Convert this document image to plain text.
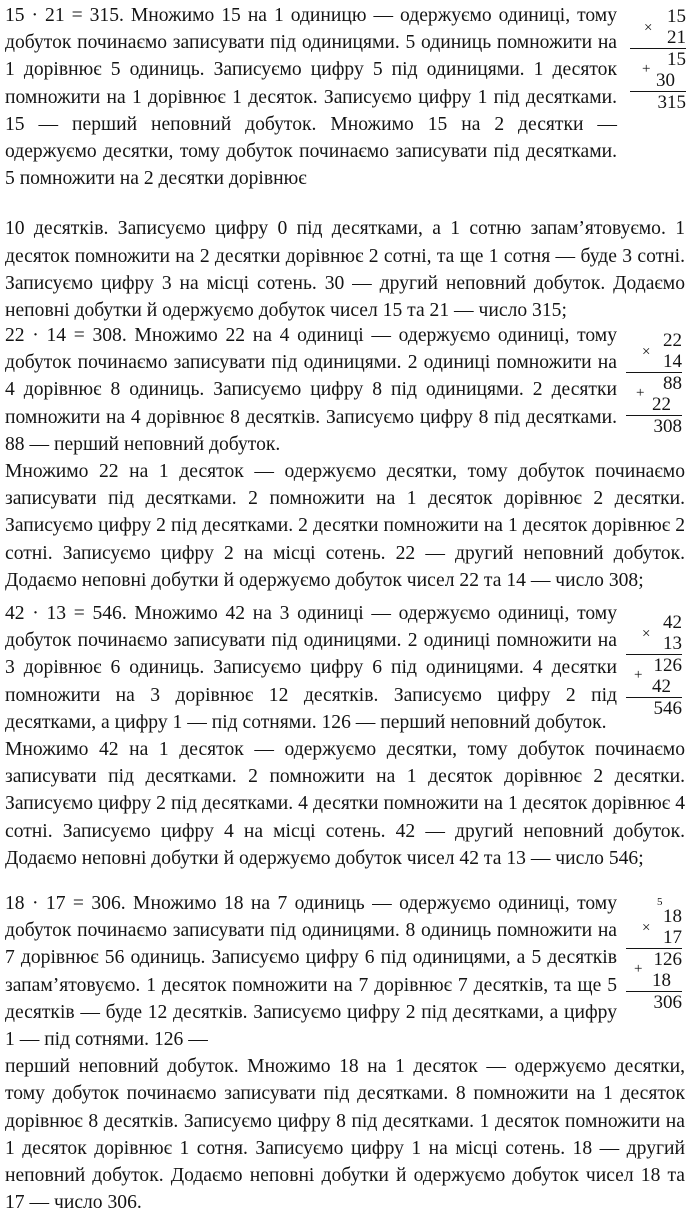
15 · 21 = 315. Множимо 15 на 1 одиницю — одержуємо одиниці, тому добуток починаємо записувати під одиницями. 5 одиниць помножити на 1 дорівнює 5 одиниць. Записуємо цифру 5 під одиницями. 1 десяток помножити на 1 дорівнює 1 десяток. Записуємо цифру 1 під десятками. 15 — перший неповний добуток. Множимо 15 на 2 десятки — одержуємо десятки, тому добуток починаємо записувати під десятками. 5 помножити на 2 десятки дорівнює

10 десятків. Записуємо цифру 0 під десятками, а 1 сотню запам’ятовуємо. 1 десяток помножити на 2 десятки дорівнює 2 сотні, та ще 1 сотня — буде 3 сотні. Записуємо цифру 3 на місці сотень. 30 — другий неповний добуток. Додаємо неповні добутки й одержуємо добуток чисел 15 та 21 — число 315;

15
× 21
15
+
30
315

22 · 14 = 308. Множимо 22 на 4 одиниці — одержуємо одиниці, тому добуток починаємо записувати під одиницями. 2 одиниці помножити на 4 дорівнює 8 одиниць. Записуємо цифру 8 під одиницями. 2 десятки помножити на 4 дорівнює 8 десятків. Записуємо цифру 8 під десятками. 88 — перший неповний добуток.

Множимо 22 на 1 десяток — одержуємо десятки, тому добуток починаємо записувати під десятками. 2 помножити на 1 десяток дорівнює 2 десятки. Записуємо цифру 2 під десятками. 2 десятки помножити на 1 десяток дорівнює 2 сотні. Записуємо цифру 2 на місці сотень. 22 — другий неповний добуток. Додаємо неповні добутки й одержуємо добуток чисел 22 та 14 — число 308;

22
× 14
88
+
22
308

42 · 13 = 546. Множимо 42 на 3 одиниці — одержуємо одиниці, тому добуток починаємо записувати під одиницями. 2 одиниці помножити на 3 дорівнює 6 одиниць. Записуємо цифру 6 під одиницями. 4 десятки помножити на 3 дорівнює 12 десятків. Записуємо цифру 2 під десятками, а цифру 1 — під сотнями. 126 — перший неповний добуток.

Множимо 42 на 1 десяток — одержуємо десятки, тому добуток починаємо записувати під десятками. 2 помножити на 1 десяток дорівнює 2 десятки. Записуємо цифру 2 під десятками. 4 десятки помножити на 1 десяток дорівнює 4 сотні. Записуємо цифру 4 на місці сотень. 42 — другий неповний добуток. Додаємо неповні добутки й одержуємо добуток чисел 42 та 13 — число 546;

42
× 13
126
+
42
546

18 · 17 = 306. Множимо 18 на 7 одиниць — одержуємо одиниці, тому добуток починаємо записувати під одиницями. 8 одиниць помножити на 7 дорівнює 56 одиниць. Записуємо цифру 6 під одиницями, а 5 десятків запам’ятовуємо. 1 десяток помножити на 7 дорівнює 7 десятків, та ще 5 десятків — буде 12 десятків. Записуємо цифру 2 під десятками, а цифру 1 — під сотнями. 126 —

перший неповний добуток. Множимо 18 на 1 десяток — одержуємо десятки, тому добуток починаємо записувати під десятками. 8 помножити на 1 десяток дорівнює 8 десятків. Записуємо цифру 8 під десятками. 1 десяток помножити на 1 десяток дорівнює 1 сотня. Записуємо цифру 1 на місці сотень. 18 — другий неповний добуток. Додаємо неповні добутки й одержуємо добуток чисел 18 та 17 — число 306.

5
18
× 17
126
+
18
306
